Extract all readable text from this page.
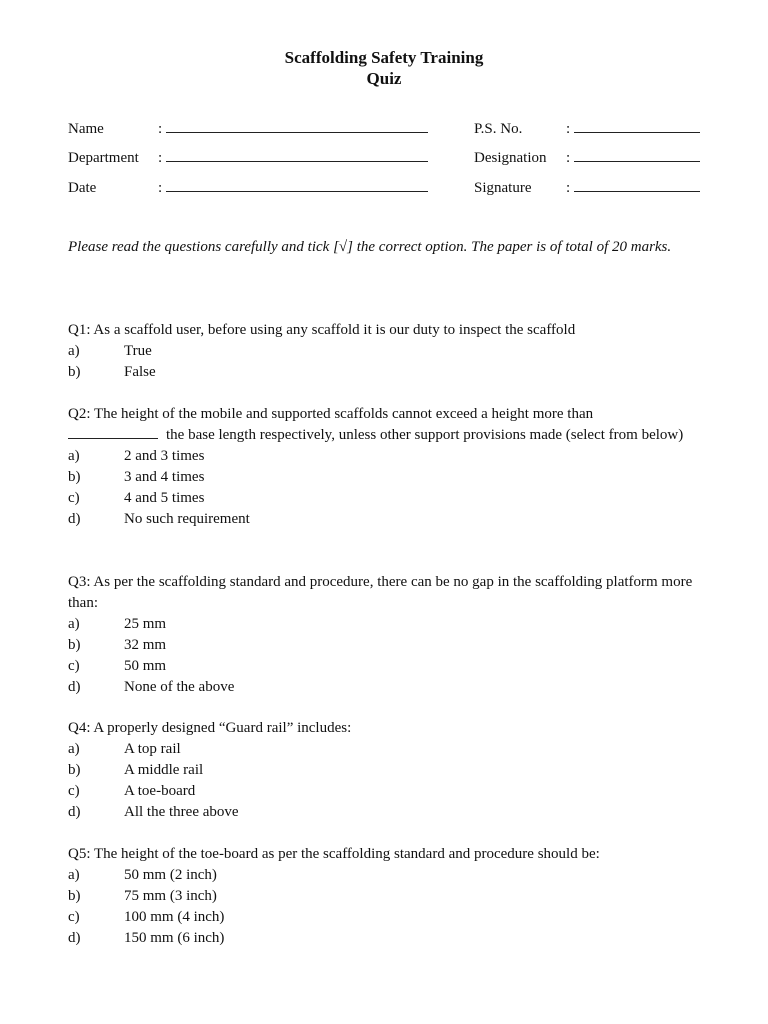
Scaffolding Safety Training
Quiz
Name	:
Department :
Date	:
P.S. No.	:
Designation :
Signature :
Please read the questions carefully and tick [√] the correct option. The paper is of total of 20 marks.
Q1: As a scaffold user, before using any scaffold it is our duty to inspect the scaffold
a)	True
b)	False
Q2: The height of the mobile and supported scaffolds cannot exceed a height more than
the base length respectively, unless other support provisions made (select from below)
a)	2 and 3 times
b)	3 and 4 times
c)	4 and 5 times
d)	No such requirement
Q3: As per the scaffolding standard and procedure, there can be no gap in the scaffolding platform more than:
a)	25 mm
b)	32 mm
c)	50 mm
d)	None of the above
Q4: A properly designed “Guard rail” includes:
a)	A top rail
b)	A middle rail
c)	A toe-board
d)	All the three above
Q5: The height of the toe-board as per the scaffolding standard and procedure should be:
a)	50 mm (2 inch)
b)	75 mm (3 inch)
c)	100 mm (4 inch)
d)	150 mm (6 inch)
